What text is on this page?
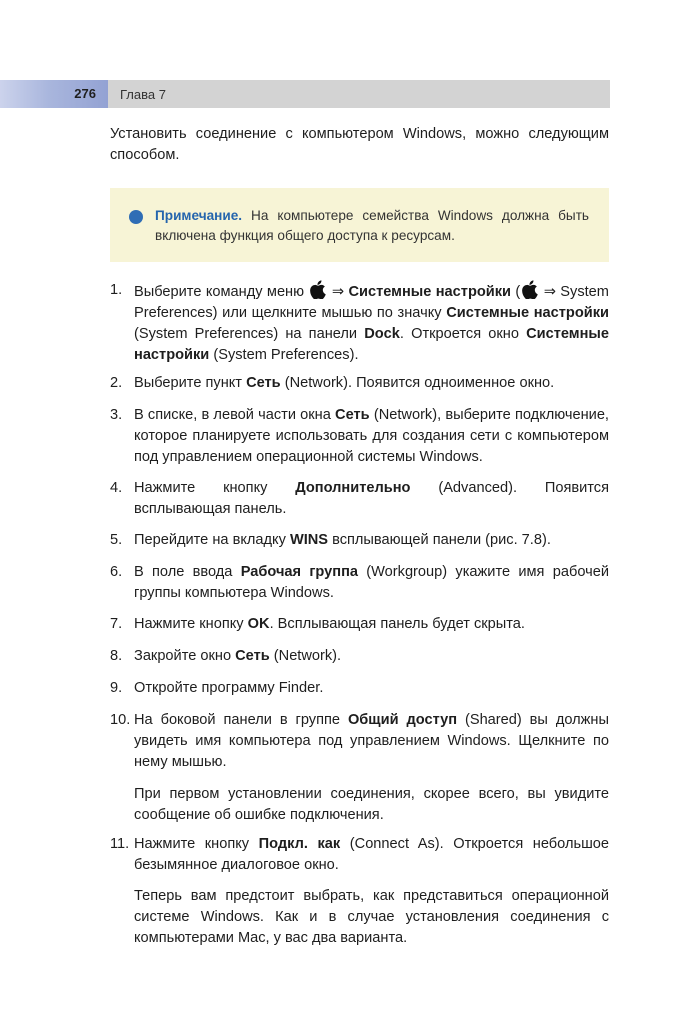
276 Глава 7
Установить соединение с компьютером Windows, можно следующим способом.
Примечание. На компьютере семейства Windows должна быть включена функция общего доступа к ресурсам.
1. Выберите команду меню ⇒ Системные настройки ( ⇒ System Preferences) или щелкните мышью по значку Системные настройки (System Preferences) на панели Dock. Откроется окно Системные настройки (System Preferences).
2. Выберите пункт Сеть (Network). Появится одноименное окно.
3. В списке, в левой части окна Сеть (Network), выберите подключение, которое планируете использовать для создания сети с компьютером под управлением операционной системы Windows.
4. Нажмите кнопку Дополнительно (Advanced). Появится всплывающая панель.
5. Перейдите на вкладку WINS всплывающей панели (рис. 7.8).
6. В поле ввода Рабочая группа (Workgroup) укажите имя рабочей группы компьютера Windows.
7. Нажмите кнопку OK. Всплывающая панель будет скрыта.
8. Закройте окно Сеть (Network).
9. Откройте программу Finder.
10. На боковой панели в группе Общий доступ (Shared) вы должны увидеть имя компьютера под управлением Windows. Щелкните по нему мышью.
При первом установлении соединения, скорее всего, вы увидите сообщение об ошибке подключения.
11. Нажмите кнопку Подкл. как (Connect As). Откроется небольшое безымянное диалоговое окно.
Теперь вам предстоит выбрать, как представиться операционной системе Windows. Как и в случае установления соединения с компьютерами Mac, у вас два варианта.
